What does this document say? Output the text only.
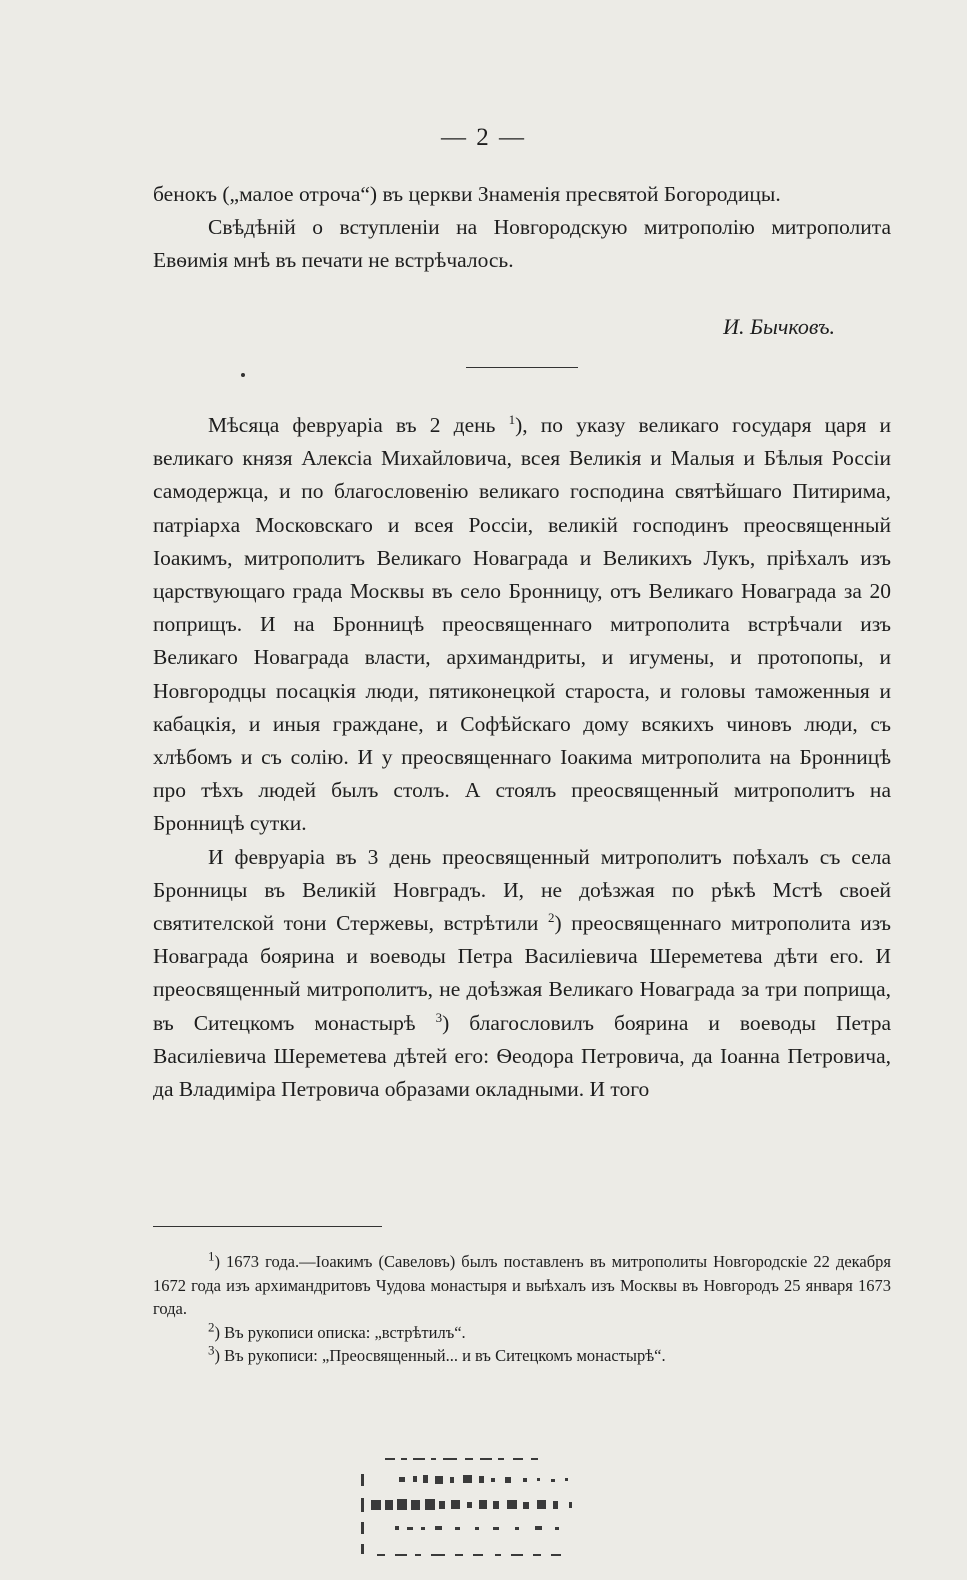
— 2 —

бенокъ („малое отроча“) въ церкви Знаменія пресвятой Богородицы.

Свѣдѣній о вступленіи на Новгородскую митрополію митрополита Евѳимія мнѣ въ печати не встрѣчалось.

И. Бычковъ.

Мѣсяца февруаріа въ 2 день $^1$), по указу великаго государя царя и великаго князя Алексіа Михайловича, всея Великія и Малыя и Бѣлыя Россіи самодержца, и по благословенію великаго господина святѣйшаго Питирима, патріарха Московскаго и всея Россіи, великій господинъ преосвященный Іоакимъ, митрополитъ Великаго Новаграда и Великихъ Лукъ, пріѣхалъ изъ царствующаго града Москвы въ село Бронницу, отъ Великаго Новаграда за 20 поприщъ. И на Бронницѣ преосвященнаго митрополита встрѣчали изъ Великаго Новаграда власти, архимандриты, и игумены, и протопопы, и Новгородцы посацкія люди, пятиконецкой староста, и головы таможенныя и кабацкія, и иныя граждане, и Софѣйскаго дому всякихъ чиновъ люди, съ хлѣбомъ и съ солію. И у преосвященнаго Іоакима митрополита на Бронницѣ про тѣхъ людей былъ столъ. А стоялъ преосвященный митрополитъ на Бронницѣ сутки.

И февруаріа въ 3 день преосвященный митрополитъ поѣхалъ съ села Бронницы въ Великій Новградъ. И, не доѣзжая по рѣкѣ Мстѣ своей святителской тони Стержевы, встрѣтили $^2$) преосвященнаго митрополита изъ Новаграда боярина и воеводы Петра Василіевича Шереметева дѣти его. И преосвященный митрополитъ, не доѣзжая Великаго Новаграда за три поприща, въ Ситецкомъ монастырѣ $^3$) благословилъ боярина и воеводы Петра Василіевича Шереметева дѣтей его: Ѳеодора Петровича, да Іоанна Петровича, да Владиміра Петровича образами окладными. И того

$^1$) 1673 года.—Іоакимъ (Савеловъ) былъ поставленъ въ митрополиты Новгородскіе 22 декабря 1672 года изъ архимандритовъ Чудова монастыря и выѣхалъ изъ Москвы въ Новгородъ 25 января 1673 года.

$^2$) Въ рукописи описка: „встрѣтилъ“.

$^3$) Въ рукописи: „Преосвященный... и въ Ситецкомъ монастырѣ“.
